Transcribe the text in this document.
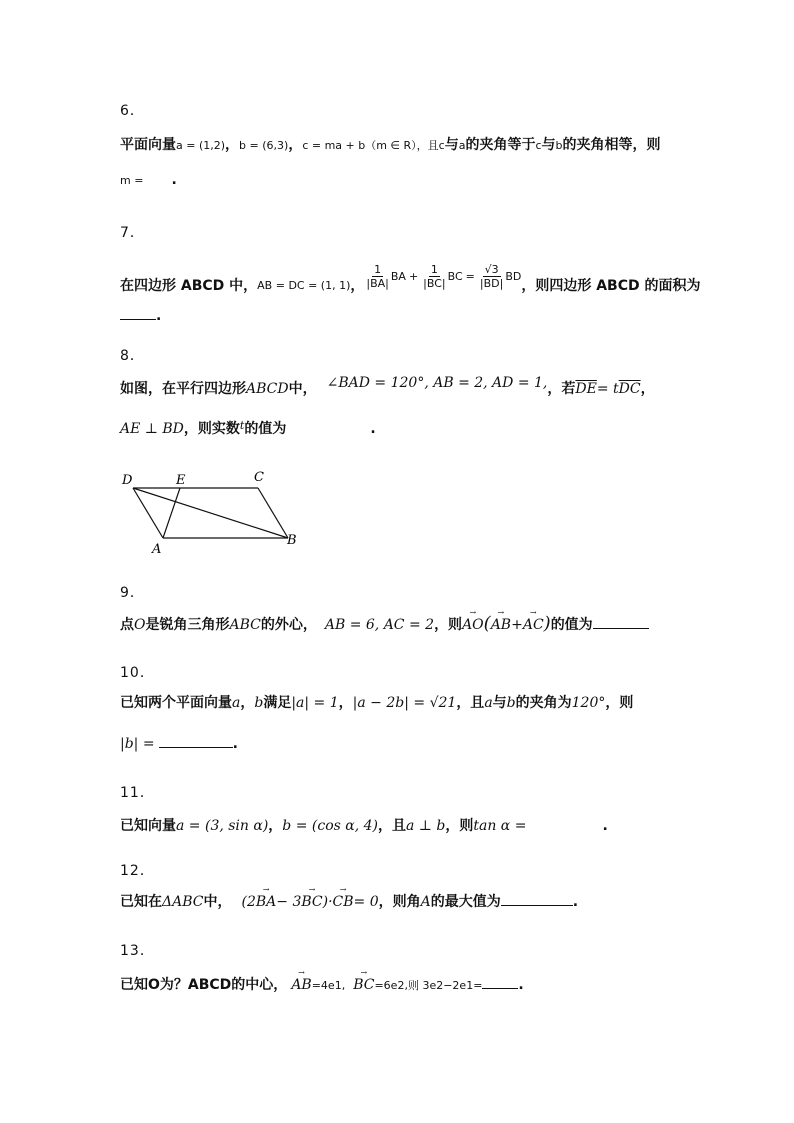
6．
平面向量a = (1,2)，b = (6,3)，c = ma + b（m ∈ R），且c与a的夹角等于c与b的夹角相等，则
m = .
7．
在四边形 ABCD 中， AB = DC = (1, 1) ， $\frac{1}{|BA|}$ BA + $\frac{1}{|BC|}$ BC = $\frac{√3}{|BD|}$ BD
，则四边形 ABCD 的面积为
.
8．
如图，在平行四边形ABCD中， ∠BAD = 120°, AB = 2, AD = 1,，若$\overline{DE}= t\overline{DC}$，
AE ⊥ BD，则实数$^t$的值为	.
D	E	C
A
B
9．
点O是锐角三角形ABC的外心， AB = 6, AC = 2，则→ AO(→ AB+→ AC)的值为
10．
已知两个平面向量a，b满足|a| = 1，|a − 2b| = √21，且a与b的夹角为120°，则
|b| =	.
11．
已知向量a = (3, sin α)，b = (cos α, 4)，且a ⊥ b，则tan α =	.
12．
已知在ΔABC中， (2→ BA− 3→ BC)·→ CB= 0，则角A的最大值为	.
13．
已知O为？ABCD的中心， → AB=4e1, → BC=6e2,则 3e2−2e1=	.
